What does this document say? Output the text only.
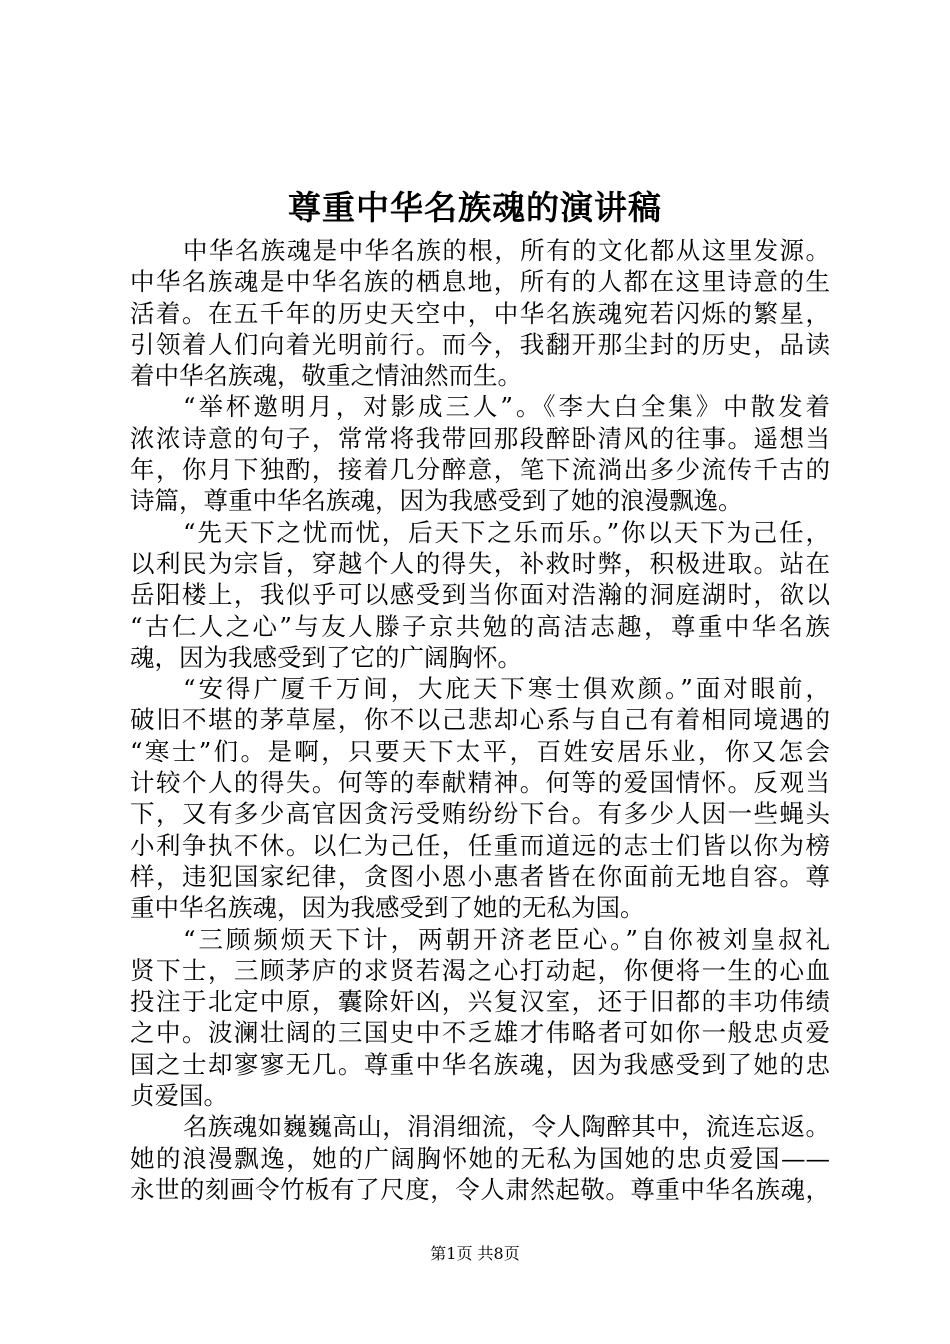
尊重中华名族魂的演讲稿
中华名族魂是中华名族的根，所有的文化都从这里发源。
中华名族魂是中华名族的栖息地，所有的人都在这里诗意的生
活着。在五千年的历史天空中，中华名族魂宛若闪烁的繁星，
引领着人们向着光明前行。而今，我翻开那尘封的历史，品读
着中华名族魂，敬重之情油然而生。
“举杯邀明月，对影成三人”。《李大白全集》中散发着
浓浓诗意的句子，常常将我带回那段醉卧清风的往事。遥想当
年，你月下独酌，接着几分醉意，笔下流淌出多少流传千古的
诗篇，尊重中华名族魂，因为我感受到了她的浪漫飘逸。
“先天下之忧而忧，后天下之乐而乐。”你以天下为己任，
以利民为宗旨，穿越个人的得失，补救时弊，积极进取。站在
岳阳楼上，我似乎可以感受到当你面对浩瀚的洞庭湖时，欲以
“古仁人之心”与友人滕子京共勉的高洁志趣，尊重中华名族
魂，因为我感受到了它的广阔胸怀。
“安得广厦千万间，大庇天下寒士俱欢颜。”面对眼前，
破旧不堪的茅草屋，你不以己悲却心系与自己有着相同境遇的
“寒士”们。是啊，只要天下太平，百姓安居乐业，你又怎会
计较个人的得失。何等的奉献精神。何等的爱国情怀。反观当
下，又有多少高官因贪污受贿纷纷下台。有多少人因一些蝇头
小利争执不休。以仁为己任，任重而道远的志士们皆以你为榜
样，违犯国家纪律，贪图小恩小惠者皆在你面前无地自容。尊
重中华名族魂，因为我感受到了她的无私为国。
“三顾频烦天下计，两朝开济老臣心。”自你被刘皇叔礼
贤下士，三顾茅庐的求贤若渴之心打动起，你便将一生的心血
投注于北定中原，囊除奸凶，兴复汉室，还于旧都的丰功伟绩
之中。波澜壮阔的三国史中不乏雄才伟略者可如你一般忠贞爱
国之士却寥寥无几。尊重中华名族魂，因为我感受到了她的忠
贞爱国。
名族魂如巍巍高山，涓涓细流，令人陶醉其中，流连忘返。
她的浪漫飘逸，她的广阔胸怀她的无私为国她的忠贞爱国——
永世的刻画令竹板有了尺度，令人肃然起敬。尊重中华名族魂，
第1页 共8页
